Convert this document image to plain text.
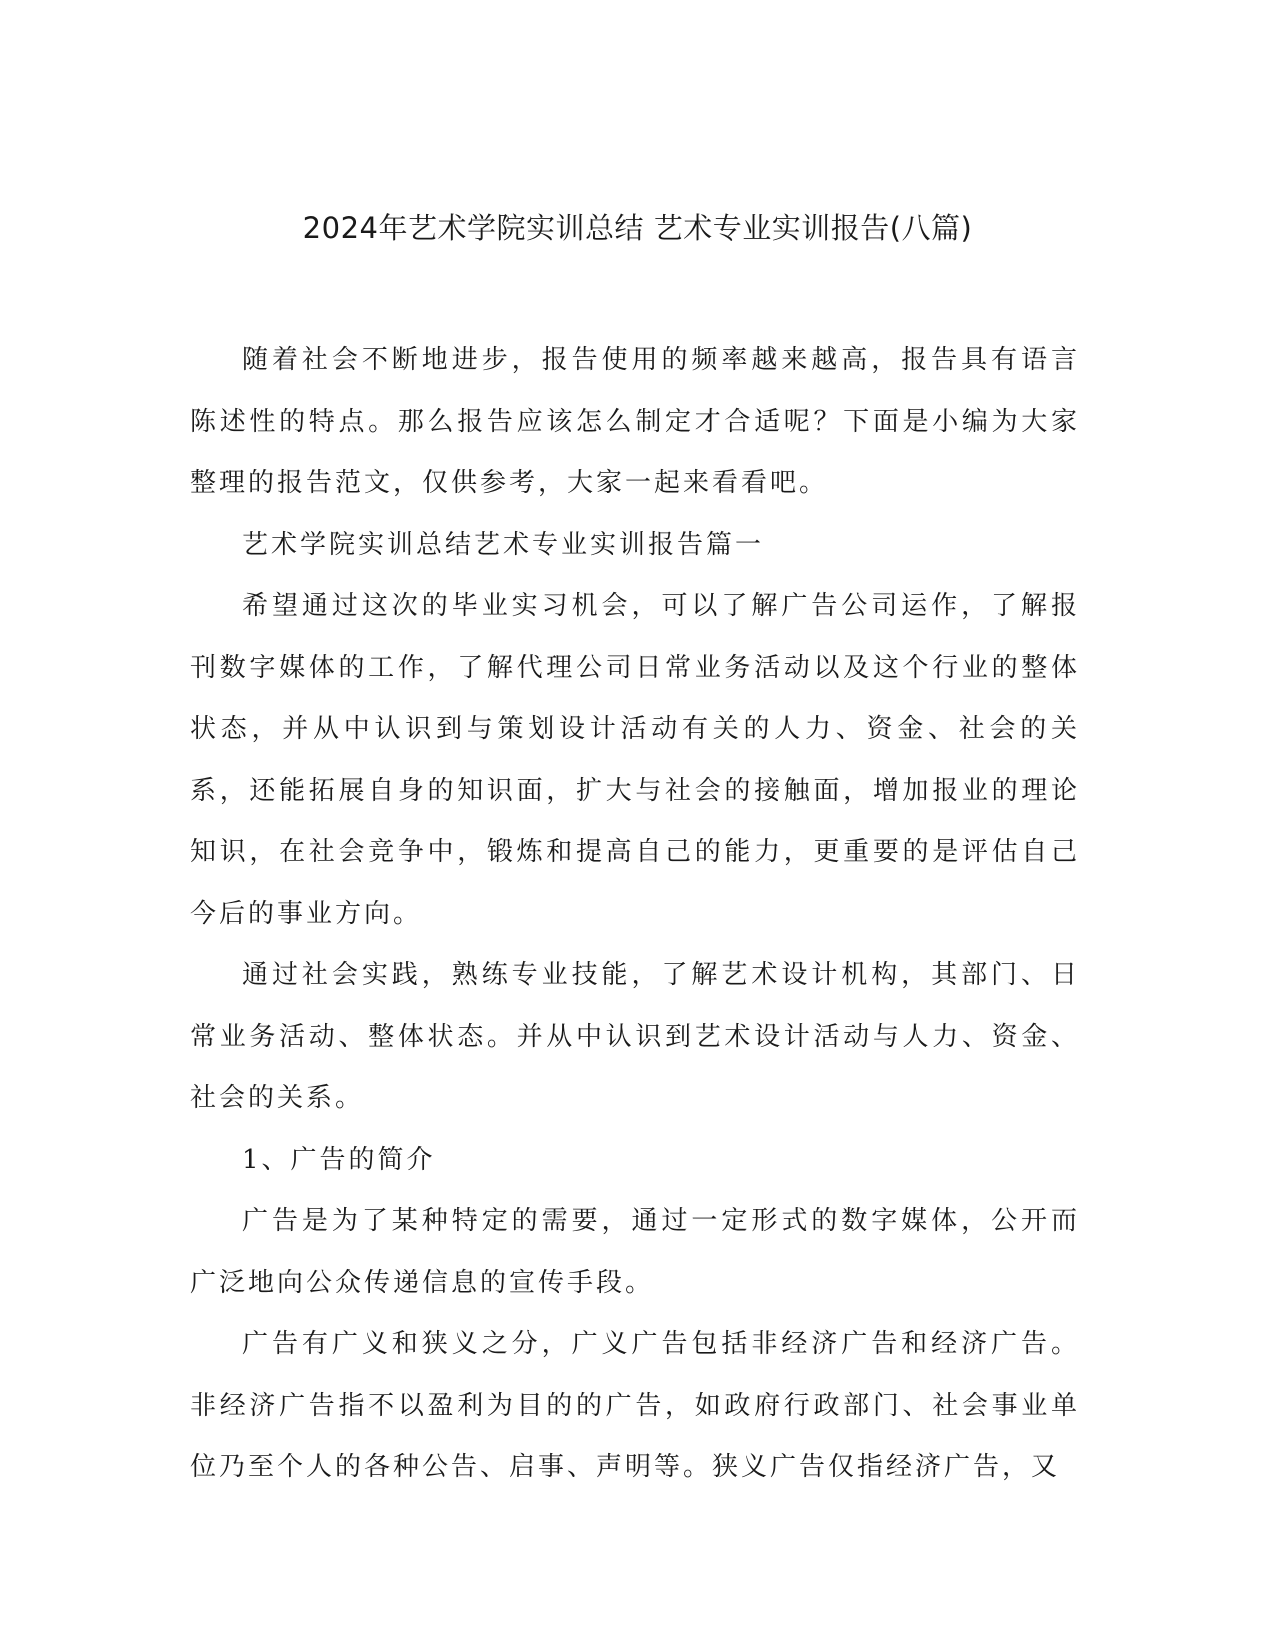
2024年艺术学院实训总结 艺术专业实训报告(八篇)

随着社会不断地进步，报告使用的频率越来越高，报告具有语言陈述性的特点。那么报告应该怎么制定才合适呢？下面是小编为大家整理的报告范文，仅供参考，大家一起来看看吧。

艺术学院实训总结艺术专业实训报告篇一

希望通过这次的毕业实习机会，可以了解广告公司运作，了解报刊数字媒体的工作，了解代理公司日常业务活动以及这个行业的整体状态，并从中认识到与策划设计活动有关的人力、资金、社会的关系，还能拓展自身的知识面，扩大与社会的接触面，增加报业的理论知识，在社会竞争中，锻炼和提高自己的能力，更重要的是评估自己今后的事业方向。

通过社会实践，熟练专业技能，了解艺术设计机构，其部门、日常业务活动、整体状态。并从中认识到艺术设计活动与人力、资金、社会的关系。

1、广告的简介

广告是为了某种特定的需要，通过一定形式的数字媒体，公开而广泛地向公众传递信息的宣传手段。

广告有广义和狭义之分，广义广告包括非经济广告和经济广告。非经济广告指不以盈利为目的的广告，如政府行政部门、社会事业单位乃至个人的各种公告、启事、声明等。狭义广告仅指经济广告，又
